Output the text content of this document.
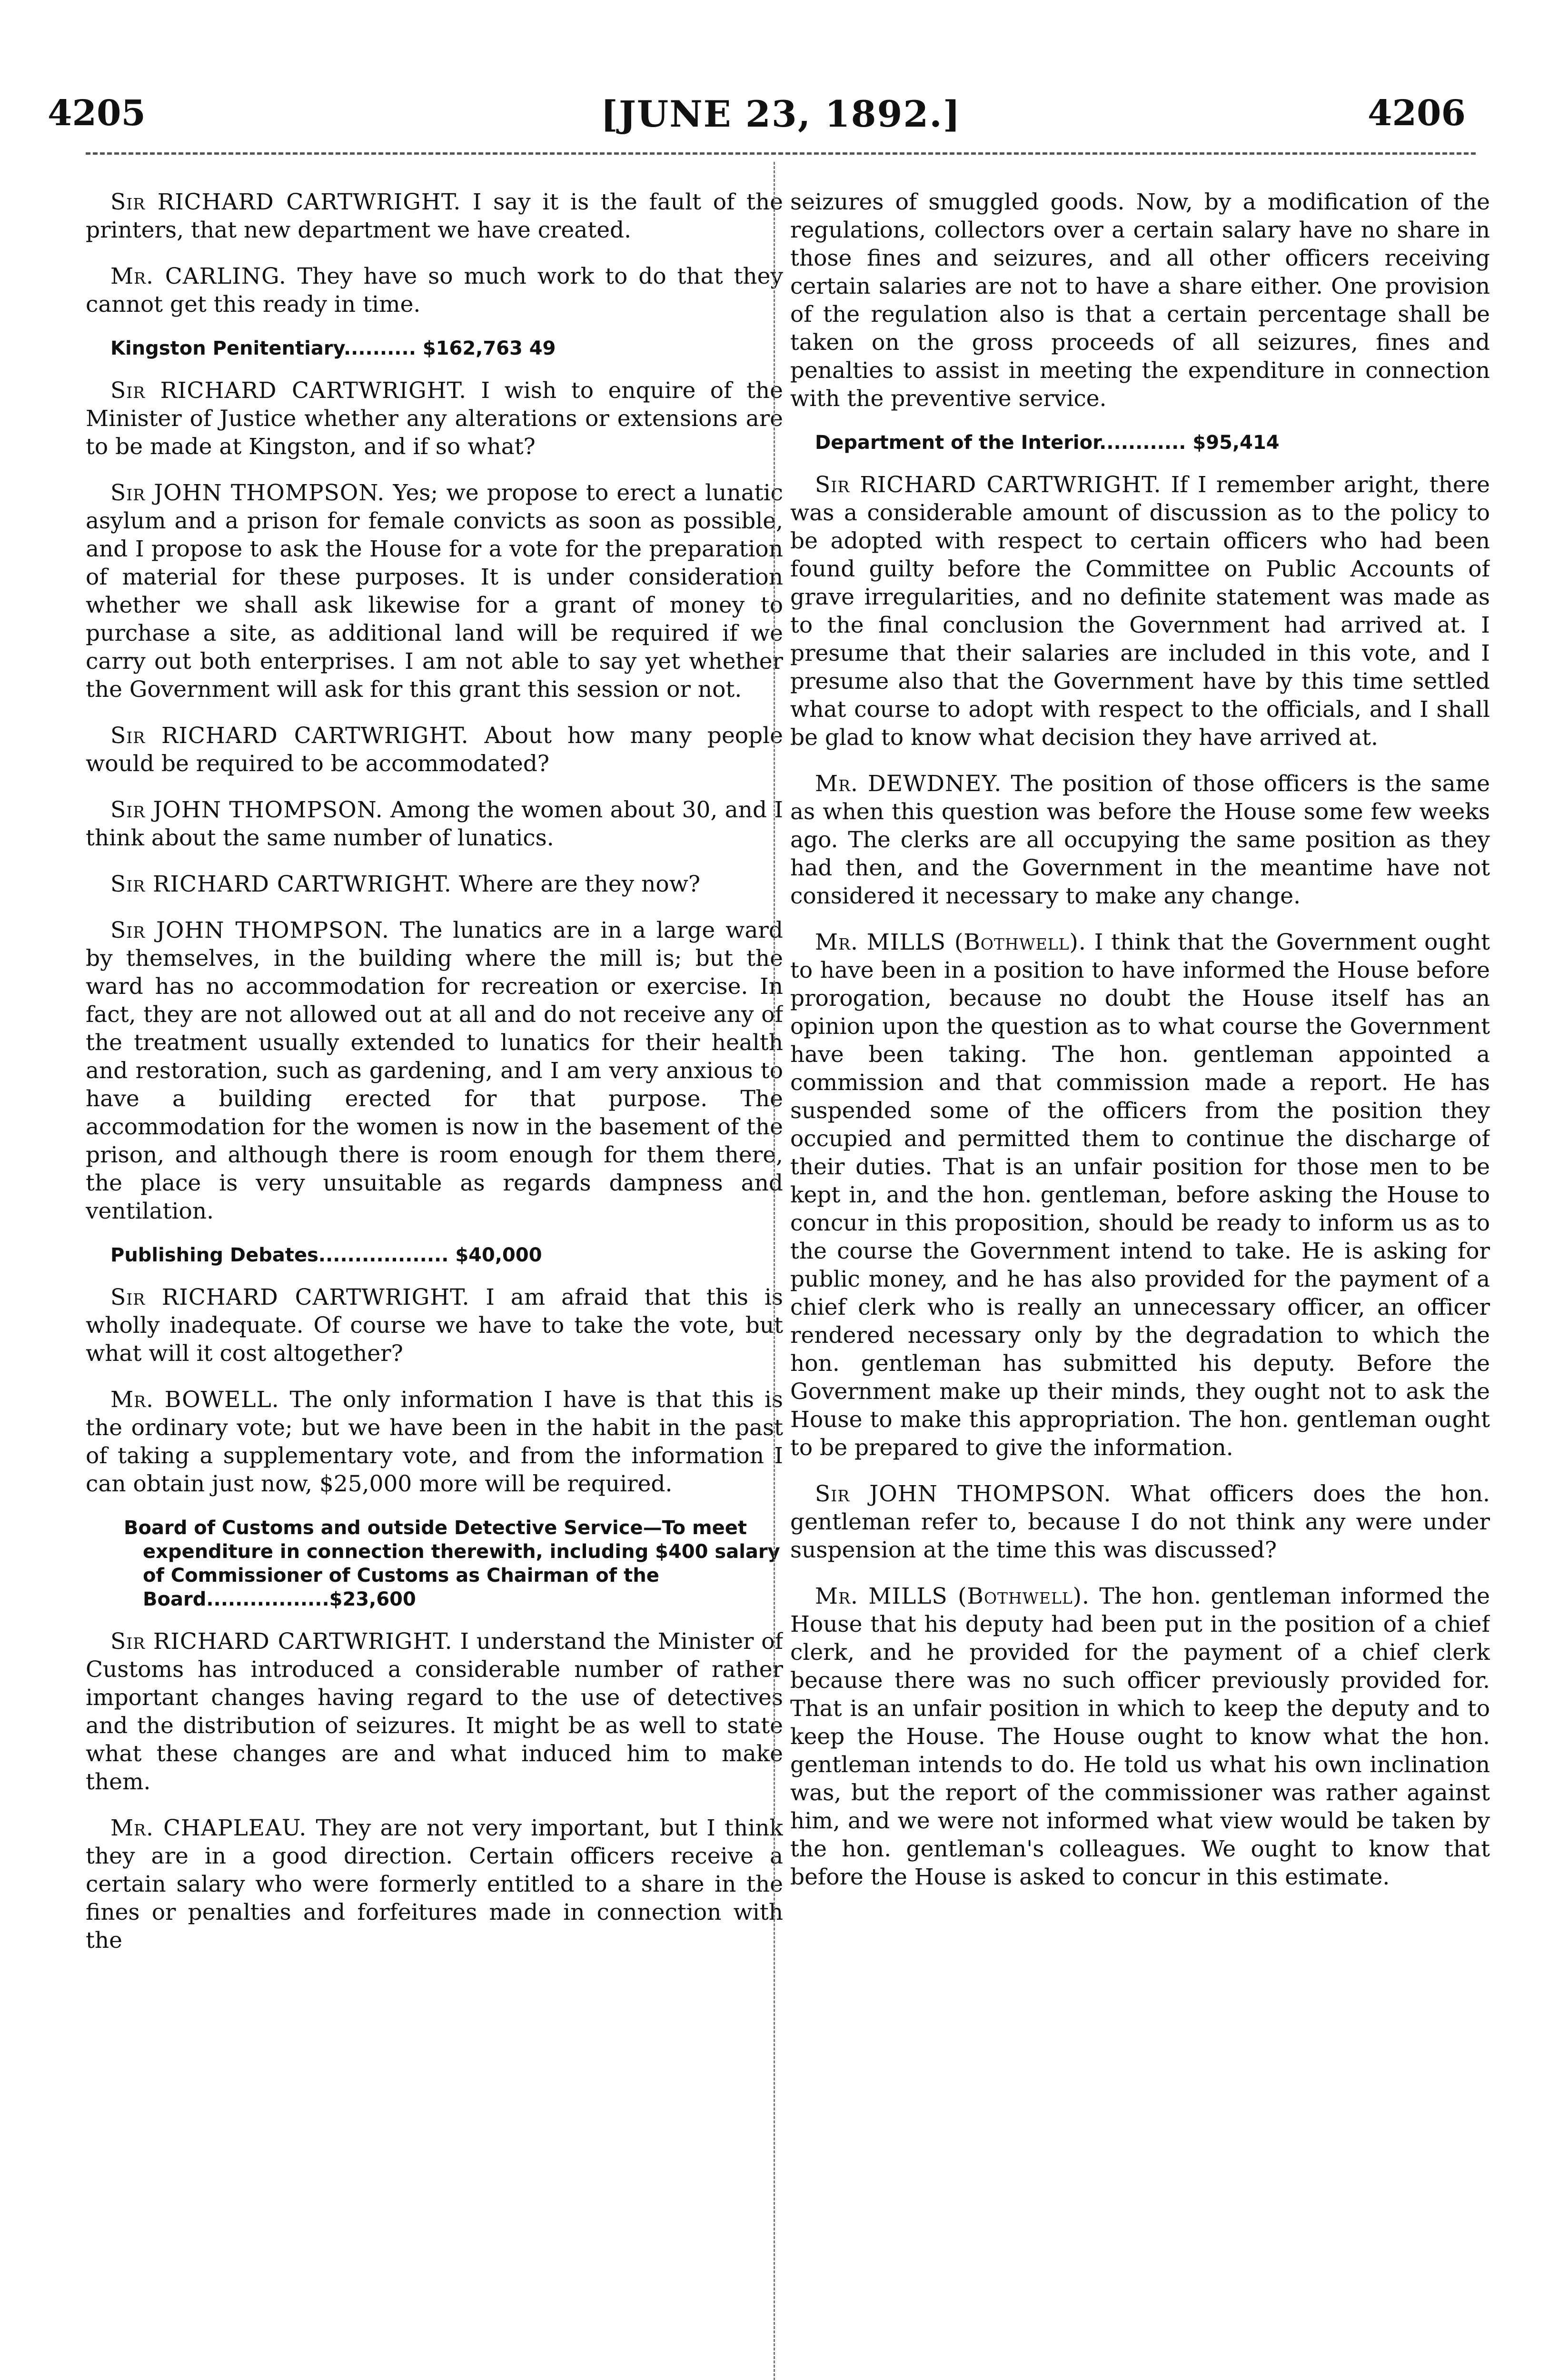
4205	[JUNE 23, 1892.]	4206

Sir RICHARD CARTWRIGHT. I say it is the fault of the printers, that new department we have created.

Mr. CARLING. They have so much work to do that they cannot get this ready in time.

Kingston Penitentiary.......... $162,763 49

Sir RICHARD CARTWRIGHT. I wish to enquire of the Minister of Justice whether any alterations or extensions are to be made at Kingston, and if so what?

Sir JOHN THOMPSON. Yes; we propose to erect a lunatic asylum and a prison for female convicts as soon as possible, and I propose to ask the House for a vote for the preparation of material for these purposes. It is under consideration whether we shall ask likewise for a grant of money to purchase a site, as additional land will be required if we carry out both enterprises. I am not able to say yet whether the Government will ask for this grant this session or not.

Sir RICHARD CARTWRIGHT. About how many people would be required to be accommodated?

Sir JOHN THOMPSON. Among the women about 30, and I think about the same number of lunatics.

Sir RICHARD CARTWRIGHT. Where are they now?

Sir JOHN THOMPSON. The lunatics are in a large ward by themselves, in the building where the mill is; but the ward has no accommodation for recreation or exercise. In fact, they are not allowed out at all and do not receive any of the treatment usually extended to lunatics for their health and restoration, such as gardening, and I am very anxious to have a building erected for that purpose. The accommodation for the women is now in the basement of the prison, and although there is room enough for them there, the place is very unsuitable as regards dampness and ventilation.

Publishing Debates.................. $40,000

Sir RICHARD CARTWRIGHT. I am afraid that this is wholly inadequate. Of course we have to take the vote, but what will it cost altogether?

Mr. BOWELL. The only information I have is that this is the ordinary vote; but we have been in the habit in the past of taking a supplementary vote, and from the information I can obtain just now, $25,000 more will be required.

Board of Customs and outside Detective Service—To meet expenditure in connection therewith, including $400 salary of Commissioner of Customs as Chairman of the Board.................$23,600

Sir RICHARD CARTWRIGHT. I understand the Minister of Customs has introduced a considerable number of rather important changes having regard to the use of detectives and the distribution of seizures. It might be as well to state what these changes are and what induced him to make them.

Mr. CHAPLEAU. They are not very important, but I think they are in a good direction. Certain officers receive a certain salary who were formerly entitled to a share in the fines or penalties and forfeitures made in connection with the

seizures of smuggled goods. Now, by a modification of the regulations, collectors over a certain salary have no share in those fines and seizures, and all other officers receiving certain salaries are not to have a share either. One provision of the regulation also is that a certain percentage shall be taken on the gross proceeds of all seizures, fines and penalties to assist in meeting the expenditure in connection with the preventive service.

Department of the Interior............ $95,414

Sir RICHARD CARTWRIGHT. If I remember aright, there was a considerable amount of discussion as to the policy to be adopted with respect to certain officers who had been found guilty before the Committee on Public Accounts of grave irregularities, and no definite statement was made as to the final conclusion the Government had arrived at. I presume that their salaries are included in this vote, and I presume also that the Government have by this time settled what course to adopt with respect to the officials, and I shall be glad to know what decision they have arrived at.

Mr. DEWDNEY. The position of those officers is the same as when this question was before the House some few weeks ago. The clerks are all occupying the same position as they had then, and the Government in the meantime have not considered it necessary to make any change.

Mr. MILLS (Bothwell). I think that the Government ought to have been in a position to have informed the House before prorogation, because no doubt the House itself has an opinion upon the question as to what course the Government have been taking. The hon. gentleman appointed a commission and that commission made a report. He has suspended some of the officers from the position they occupied and permitted them to continue the discharge of their duties. That is an unfair position for those men to be kept in, and the hon. gentleman, before asking the House to concur in this proposition, should be ready to inform us as to the course the Government intend to take. He is asking for public money, and he has also provided for the payment of a chief clerk who is really an unnecessary officer, an officer rendered necessary only by the degradation to which the hon. gentleman has submitted his deputy. Before the Government make up their minds, they ought not to ask the House to make this appropriation. The hon. gentleman ought to be prepared to give the information.

Sir JOHN THOMPSON. What officers does the hon. gentleman refer to, because I do not think any were under suspension at the time this was discussed?

Mr. MILLS (Bothwell). The hon. gentleman informed the House that his deputy had been put in the position of a chief clerk, and he provided for the payment of a chief clerk because there was no such officer previously provided for. That is an unfair position in which to keep the deputy and to keep the House. The House ought to know what the hon. gentleman intends to do. He told us what his own inclination was, but the report of the commissioner was rather against him, and we were not informed what view would be taken by the hon. gentleman's colleagues. We ought to know that before the House is asked to concur in this estimate.
